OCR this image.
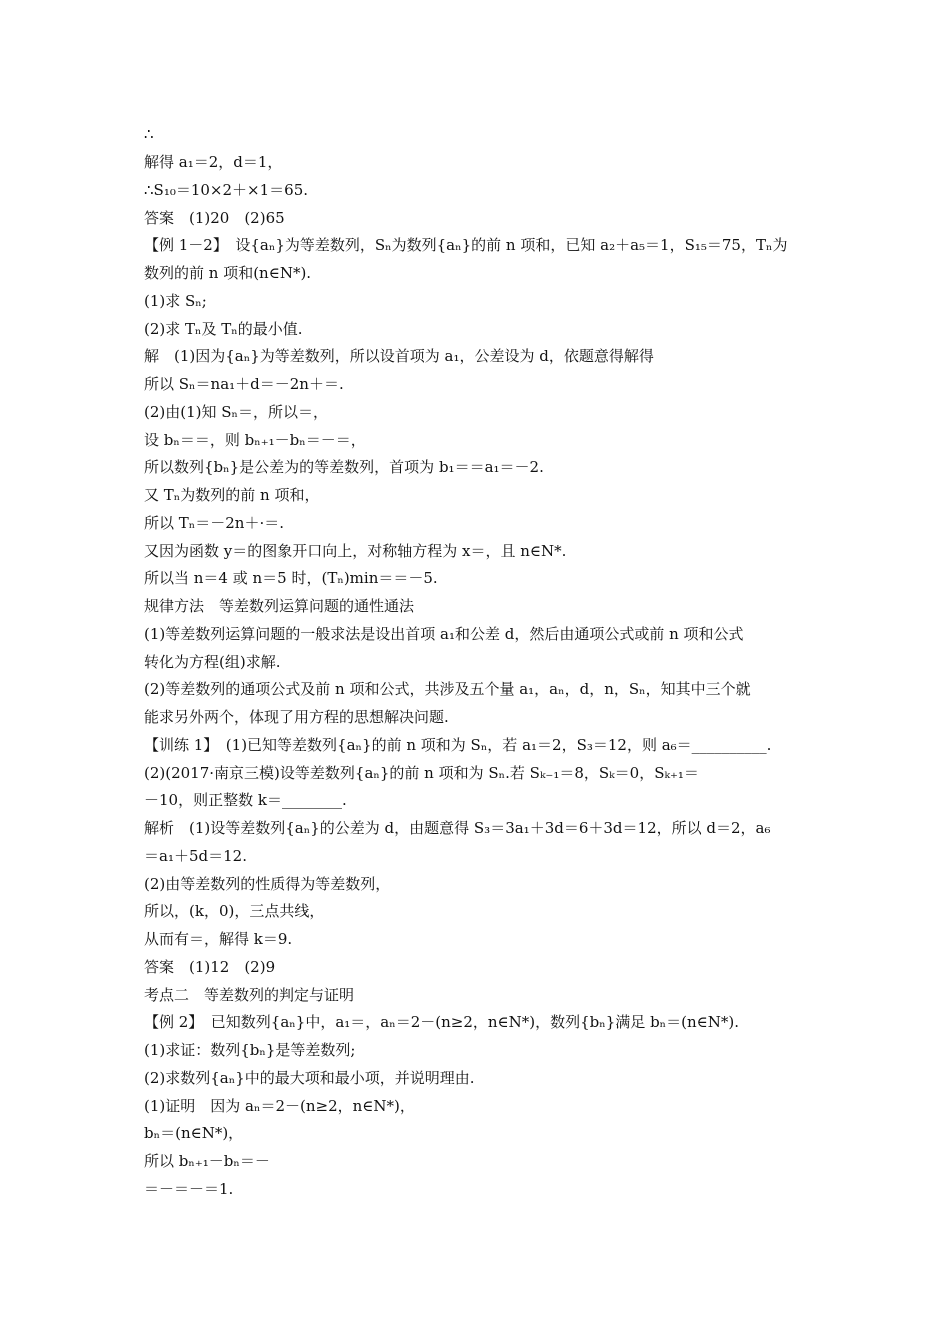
∴
解得 a₁＝2，d＝1，
∴S₁₀＝10×2＋×1＝65.
答案　(1)20　(2)65
【例 1－2】　设{aₙ}为等差数列，Sₙ为数列{aₙ}的前 n 项和，已知 a₂＋a₅＝1，S₁₅＝75，Tₙ为
数列的前 n 项和(n∈N*).
(1)求 Sₙ;
(2)求 Tₙ及 Tₙ的最小值.
解　(1)因为{aₙ}为等差数列，所以设首项为 a₁，公差设为 d，依题意得解得
所以 Sₙ＝na₁＋d＝－2n＋＝.
(2)由(1)知 Sₙ＝，所以＝，
设 bₙ＝＝，则 bₙ₊₁－bₙ＝－＝，
所以数列{bₙ}是公差为的等差数列，首项为 b₁＝＝a₁＝－2.
又 Tₙ为数列的前 n 项和，
所以 Tₙ＝－2n＋·＝.
又因为函数 y＝的图象开口向上，对称轴方程为 x＝，且 n∈N*.
所以当 n＝4 或 n＝5 时，(Tₙ)min＝＝－5.
规律方法　等差数列运算问题的通性通法
(1)等差数列运算问题的一般求法是设出首项 a₁和公差 d，然后由通项公式或前 n 项和公式
转化为方程(组)求解.
(2)等差数列的通项公式及前 n 项和公式，共涉及五个量 a₁，aₙ，d，n，Sₙ，知其中三个就
能求另外两个，体现了用方程的思想解决问题.
【训练 1】　(1)已知等差数列{aₙ}的前 n 项和为 Sₙ，若 a₁＝2，S₃＝12，则 a₆＝__________.
(2)(2017·南京三模)设等差数列{aₙ}的前 n 项和为 Sₙ.若 Sₖ₋₁＝8，Sₖ＝0，Sₖ₊₁＝
－10，则正整数 k＝________.
解析　(1)设等差数列{aₙ}的公差为 d，由题意得 S₃＝3a₁＋3d＝6＋3d＝12，所以 d＝2，a₆
＝a₁＋5d＝12.
(2)由等差数列的性质得为等差数列，
所以，(k，0)，三点共线，
从而有＝，解得 k＝9.
答案　(1)12　(2)9
考点二　等差数列的判定与证明
【例 2】　已知数列{aₙ}中，a₁＝，aₙ＝2－(n≥2，n∈N*)，数列{bₙ}满足 bₙ＝(n∈N*).
(1)求证：数列{bₙ}是等差数列;
(2)求数列{aₙ}中的最大项和最小项，并说明理由.
(1)证明　因为 aₙ＝2－(n≥2，n∈N*)，
bₙ＝(n∈N*)，
所以 bₙ₊₁－bₙ＝－
＝－＝－＝1.
